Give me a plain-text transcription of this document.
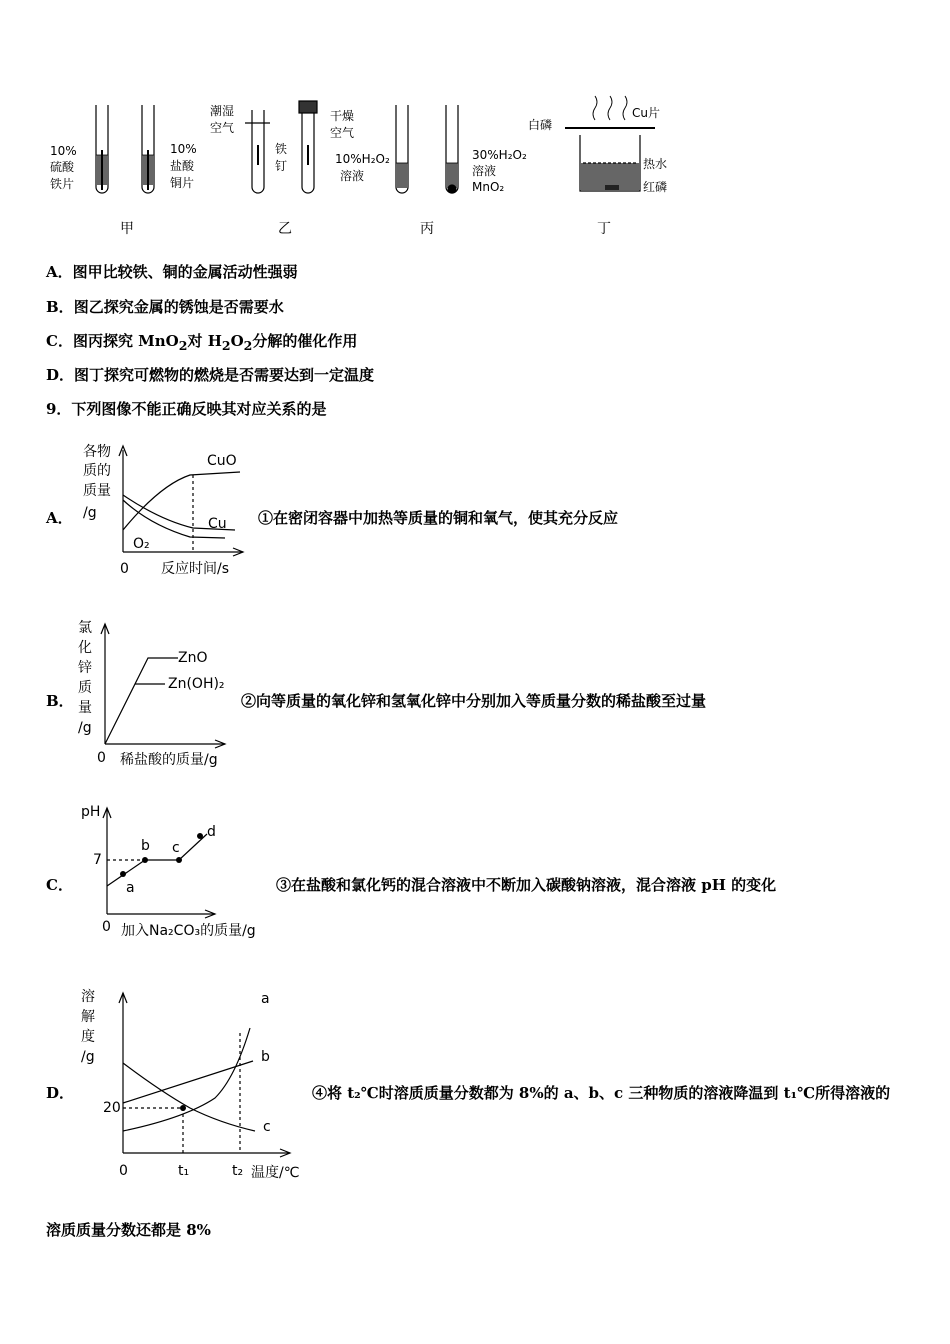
10%
硫酸
铁片
10%
盐酸
铜片
甲
潮湿
空气
铁
钉
干燥
空气
乙
10%H₂O₂
溶液
30%H₂O₂
溶液
MnO₂
丙
白磷
Cu片
热水
红磷
丁
A．图甲比较铁、铜的金属活动性强弱
B．图乙探究金属的锈蚀是否需要水
C．图丙探究 MnO$_2$对 $H_2O_2$分解的催化作用
D．图丁探究可燃物的燃烧是否需要达到一定温度
9．下列图像不能正确反映其对应关系的是
A．
各物
质的
质量
/g
CuO
Cu
O₂
0 反应时间/s
①在密闭容器中加热等质量的铜和氧气，使其充分反应
B．
氯
化
锌
质
量
/g
ZnO
Zn(OH)₂
0 稀盐酸的质量/g
②向等质量的氧化锌和氢氧化锌中分别加入等质量分数的稀盐酸至过量
C．
pH
7
a
b c
d
0 加入Na₂CO₃的质量/g
③在盐酸和氯化钙的混合溶液中不断加入碳酸钠溶液，混合溶液 pH 的变化
D．
溶
解
度
/g
20
a
b
c
0	t₁	t₂ 温度/℃
④将 t₂℃时溶质质量分数都为 8%的 a、b、c 三种物质的溶液降温到 t₁℃所得溶液的
溶质质量分数还都是 8%
